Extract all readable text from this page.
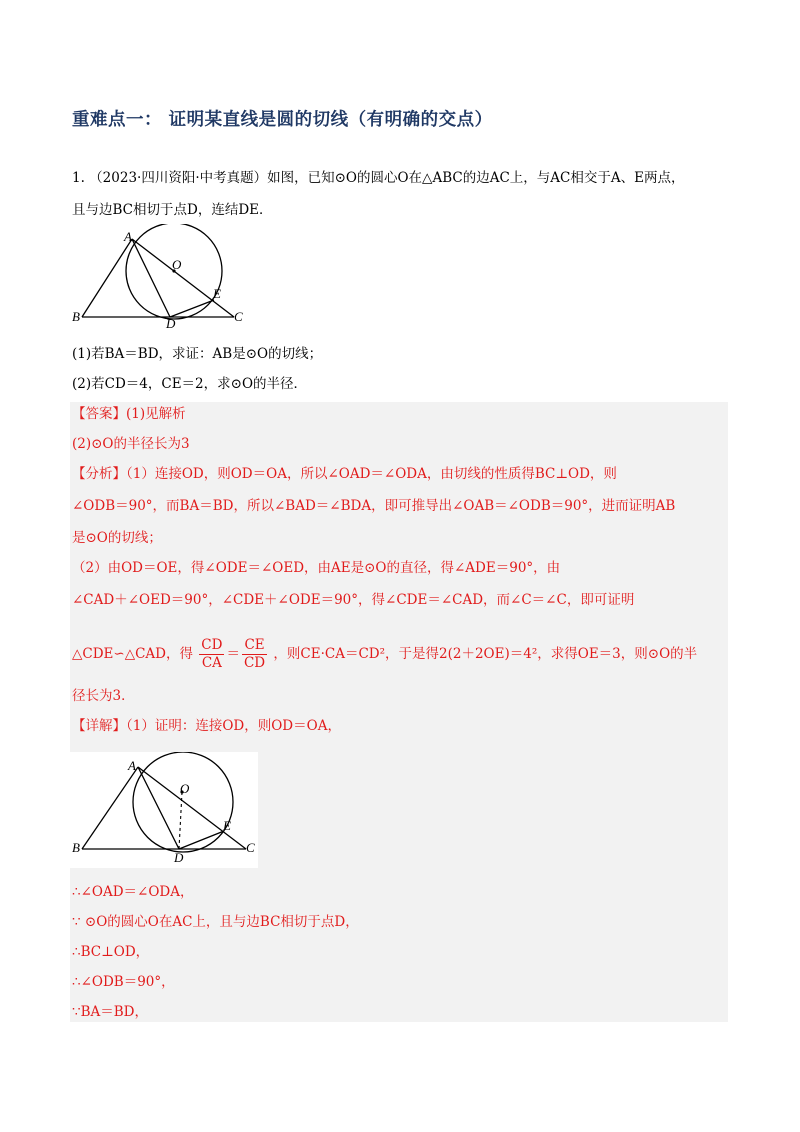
重难点一： 证明某直线是圆的切线（有明确的交点）
1. （2023·四川资阳·中考真题）如图，已知⊙O的圆心O在△ABC的边AC上，与AC相交于A、E两点，
且与边BC相切于点D，连结DE．
A
O
E
B	D	C
(1)若BA＝BD，求证：AB是⊙O的切线；
(2)若CD＝4，CE＝2，求⊙O的半径．
【答案】(1)见解析
(2)⊙O的半径长为3
【分析】（1）连接OD，则OD＝OA，所以∠OAD＝∠ODA，由切线的性质得BC⊥OD，则
∠ODB＝90°，而BA＝BD，所以∠BAD＝∠BDA，即可推导出∠OAB＝∠ODB＝90°，进而证明AB
是⊙O的切线；
（2）由OD＝OE，得∠ODE＝∠OED，由AE是⊙O的直径，得∠ADE＝90°，由
∠CAD＋∠OED＝90°，∠CDE＋∠ODE＝90°，得∠CDE＝∠CAD，而∠C＝∠C，即可证明
△CDE∽△CAD，得 $\frac{CD}{CA} = \frac{CE}{CD}$ ，则CE·CA＝CD²，于是得2(2＋2OE)＝4²，求得OE＝3，则⊙O的半
径长为3．
【详解】（1）证明：连接OD，则OD＝OA，
A
O
E
B
D
C
∴∠OAD＝∠ODA，
∵ ⊙O的圆心O在AC上，且与边BC相切于点D，
∴BC⊥OD，
∴∠ODB＝90°，
∵BA＝BD，
